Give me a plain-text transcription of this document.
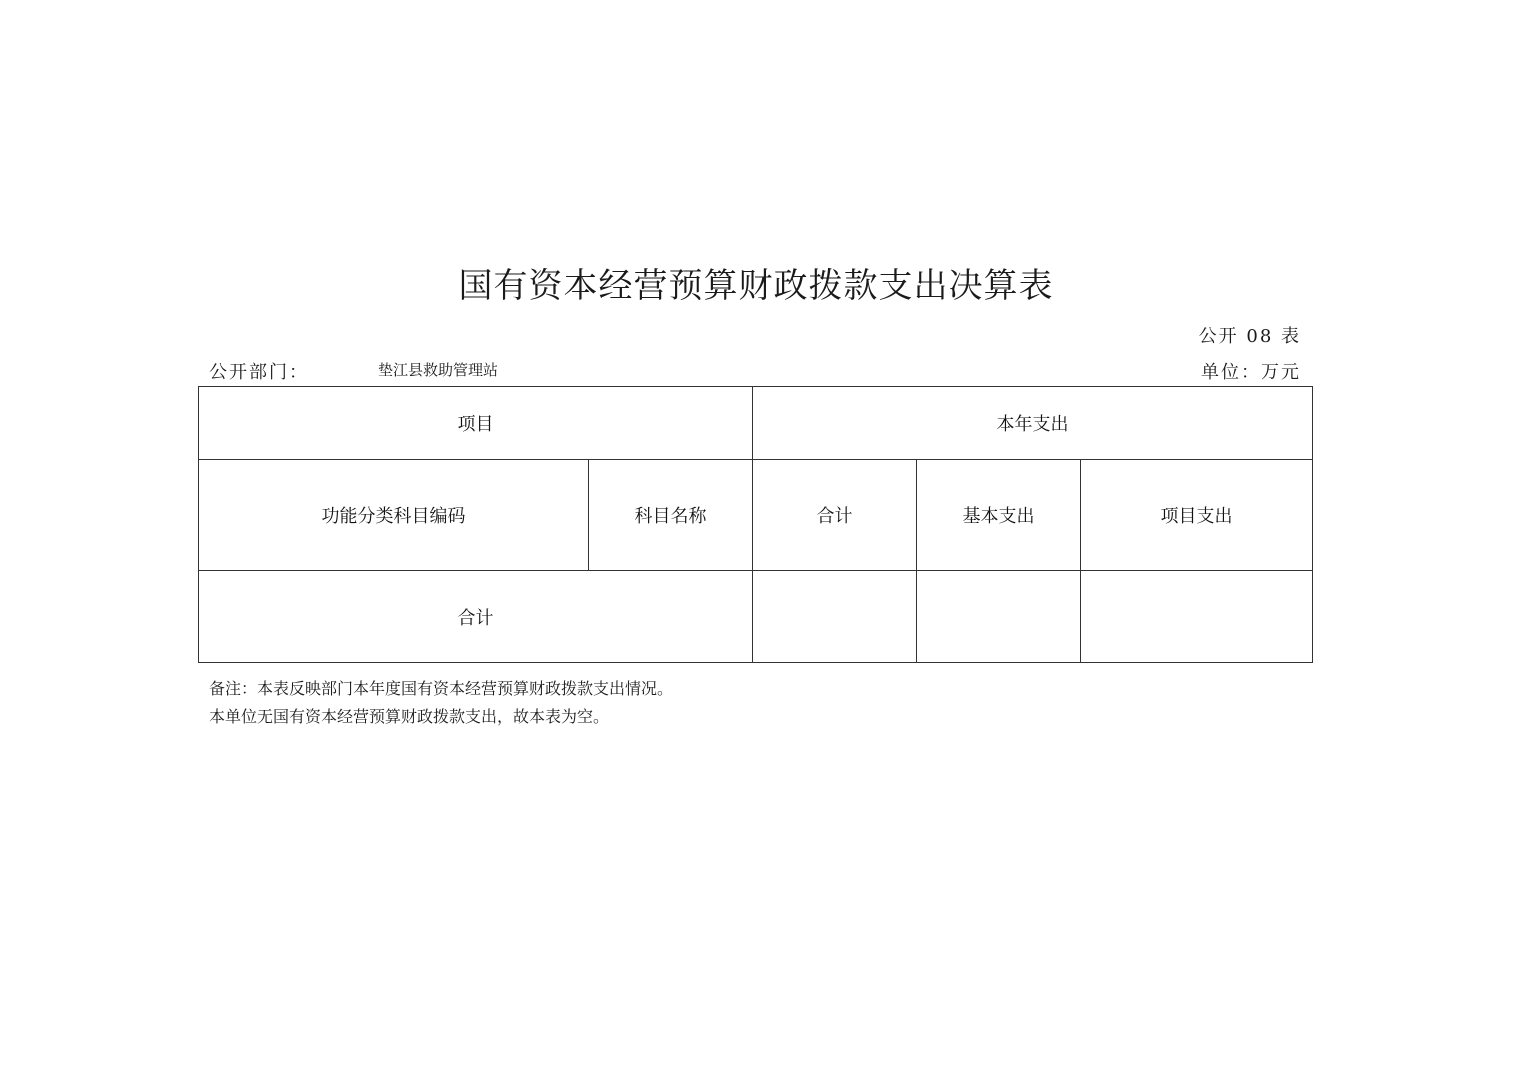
国有资本经营预算财政拨款支出决算表
公开 08 表
公开部门：	垫江县救助管理站	单位：万元
项目		本年支出		
功能分类科目编码	科目名称	合计	基本支出	项目支出
合计				
备注：本表反映部门本年度国有资本经营预算财政拨款支出情况。
本单位无国有资本经营预算财政拨款支出，故本表为空。
